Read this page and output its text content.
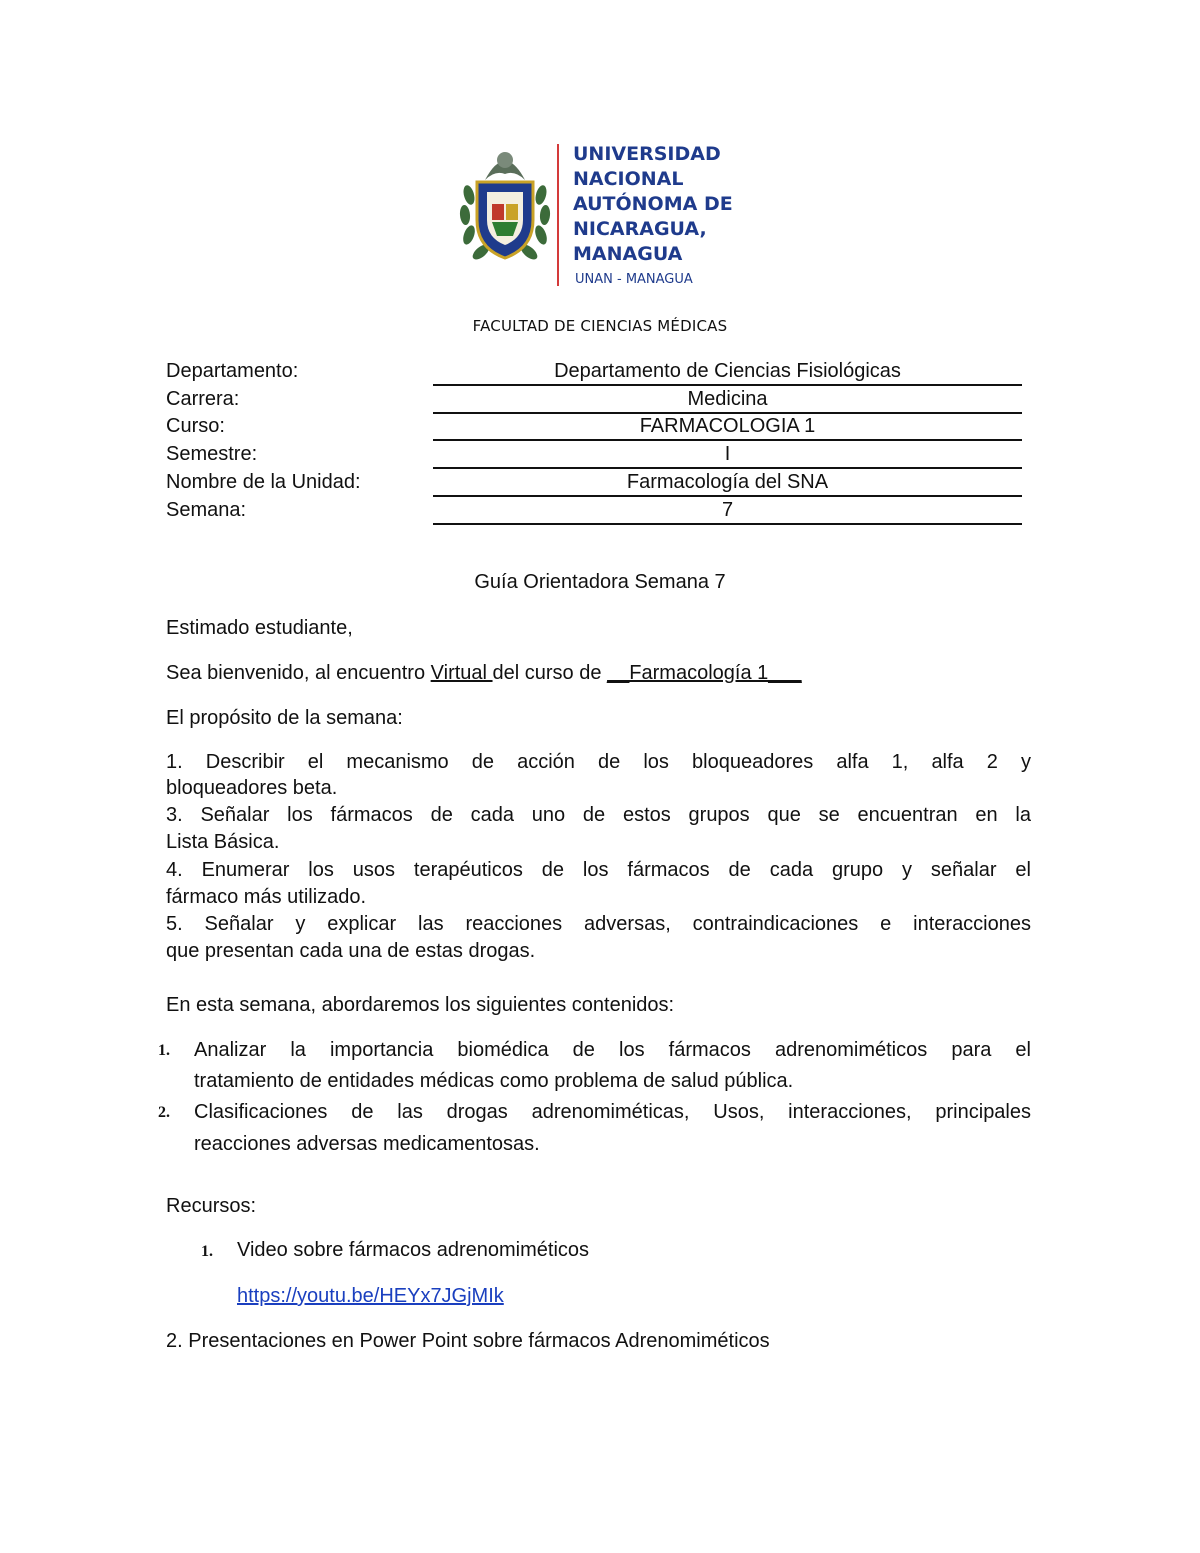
UNIVERSIDAD
NACIONAL
AUTÓNOMA DE
NICARAGUA,
MANAGUA
UNAN - MANAGUA
FACULTAD DE CIENCIAS MÉDICAS
Departamento:	Departamento de Ciencias Fisiológicas
Carrera:	Medicina
Curso:	FARMACOLOGIA 1
Semestre:	I
Nombre de la Unidad:	Farmacología del SNA
Semana:	7
Guía Orientadora Semana 7
Estimado estudiante,
Sea bienvenido, al encuentro Virtual del curso de __Farmacología 1___
El propósito de la semana:
1. Describir el mecanismo de acción de los bloqueadores alfa 1, alfa 2 y
bloqueadores beta.
3. Señalar los fármacos de cada uno de estos grupos que se encuentran en la
Lista Básica.
4. Enumerar los usos terapéuticos de los fármacos de cada grupo y señalar el
fármaco más utilizado.
5. Señalar y explicar las reacciones adversas, contraindicaciones e interacciones
que presentan cada una de estas drogas.
En esta semana, abordaremos los siguientes contenidos:
1. Analizar la importancia biomédica de los fármacos adrenomiméticos para el
tratamiento de entidades médicas como problema de salud pública.
2. Clasificaciones de las drogas adrenomiméticas, Usos, interacciones, principales
reacciones adversas medicamentosas.
Recursos:
1. Video sobre fármacos adrenomiméticos
https://youtu.be/HEYx7JGjMIk
2. Presentaciones en Power Point sobre fármacos Adrenomiméticos
